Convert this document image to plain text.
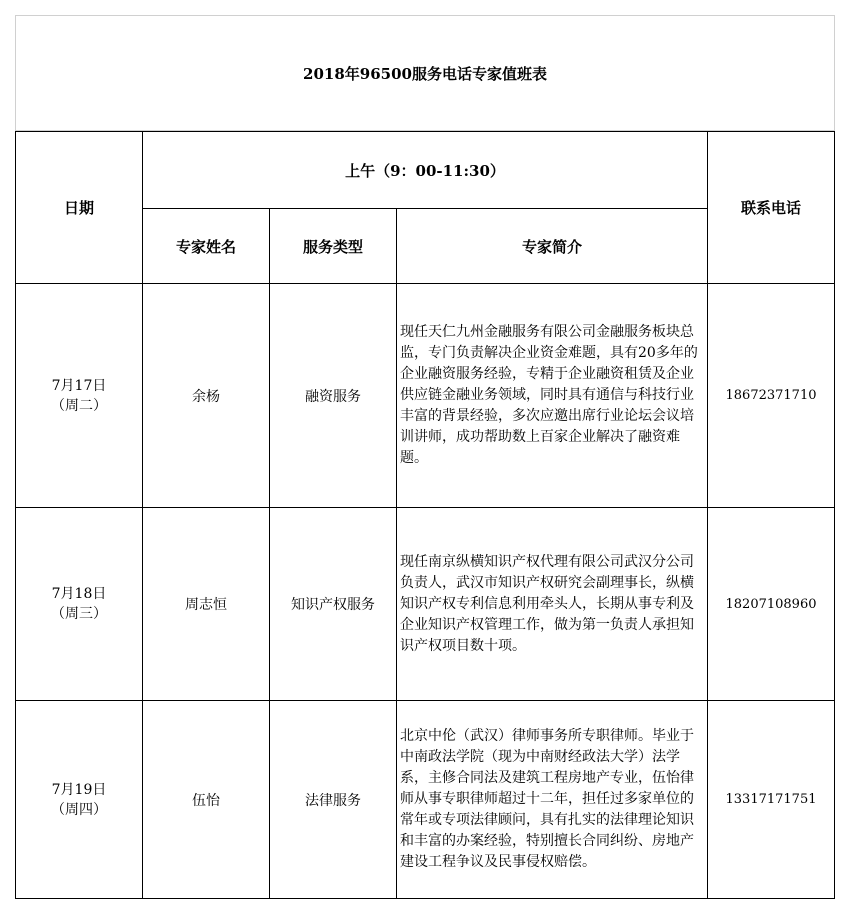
2018年96500服务电话专家值班表
日期	上午（9：00-11:30）			联系电话
	专家姓名	服务类型	专家简介	

7月17日
（周二）	余杨	融资服务	现任天仁九州金融服务有限公司金融服务板块总监，专门负责解决企业资金难题，具有20多年的企业融资服务经验，专精于企业融资租赁及企业供应链金融业务领域，同时具有通信与科技行业丰富的背景经验，多次应邀出席行业论坛会议培训讲师，成功帮助数上百家企业解决了融资难题。	18672371710

7月18日
（周三）	周志恒	知识产权服务	现任南京纵横知识产权代理有限公司武汉分公司负责人，武汉市知识产权研究会副理事长，纵横知识产权专利信息利用牵头人，长期从事专利及企业知识产权管理工作，做为第一负责人承担知识产权项目数十项。	18207108960

7月19日
（周四）	伍怡	法律服务	北京中伦（武汉）律师事务所专职律师。毕业于中南政法学院（现为中南财经政法大学）法学系，主修合同法及建筑工程房地产专业，伍怡律师从事专职律师超过十二年，担任过多家单位的常年或专项法律顾问，具有扎实的法律理论知识和丰富的办案经验，特别擅长合同纠纷、房地产建设工程争议及民事侵权赔偿。	13317171751
